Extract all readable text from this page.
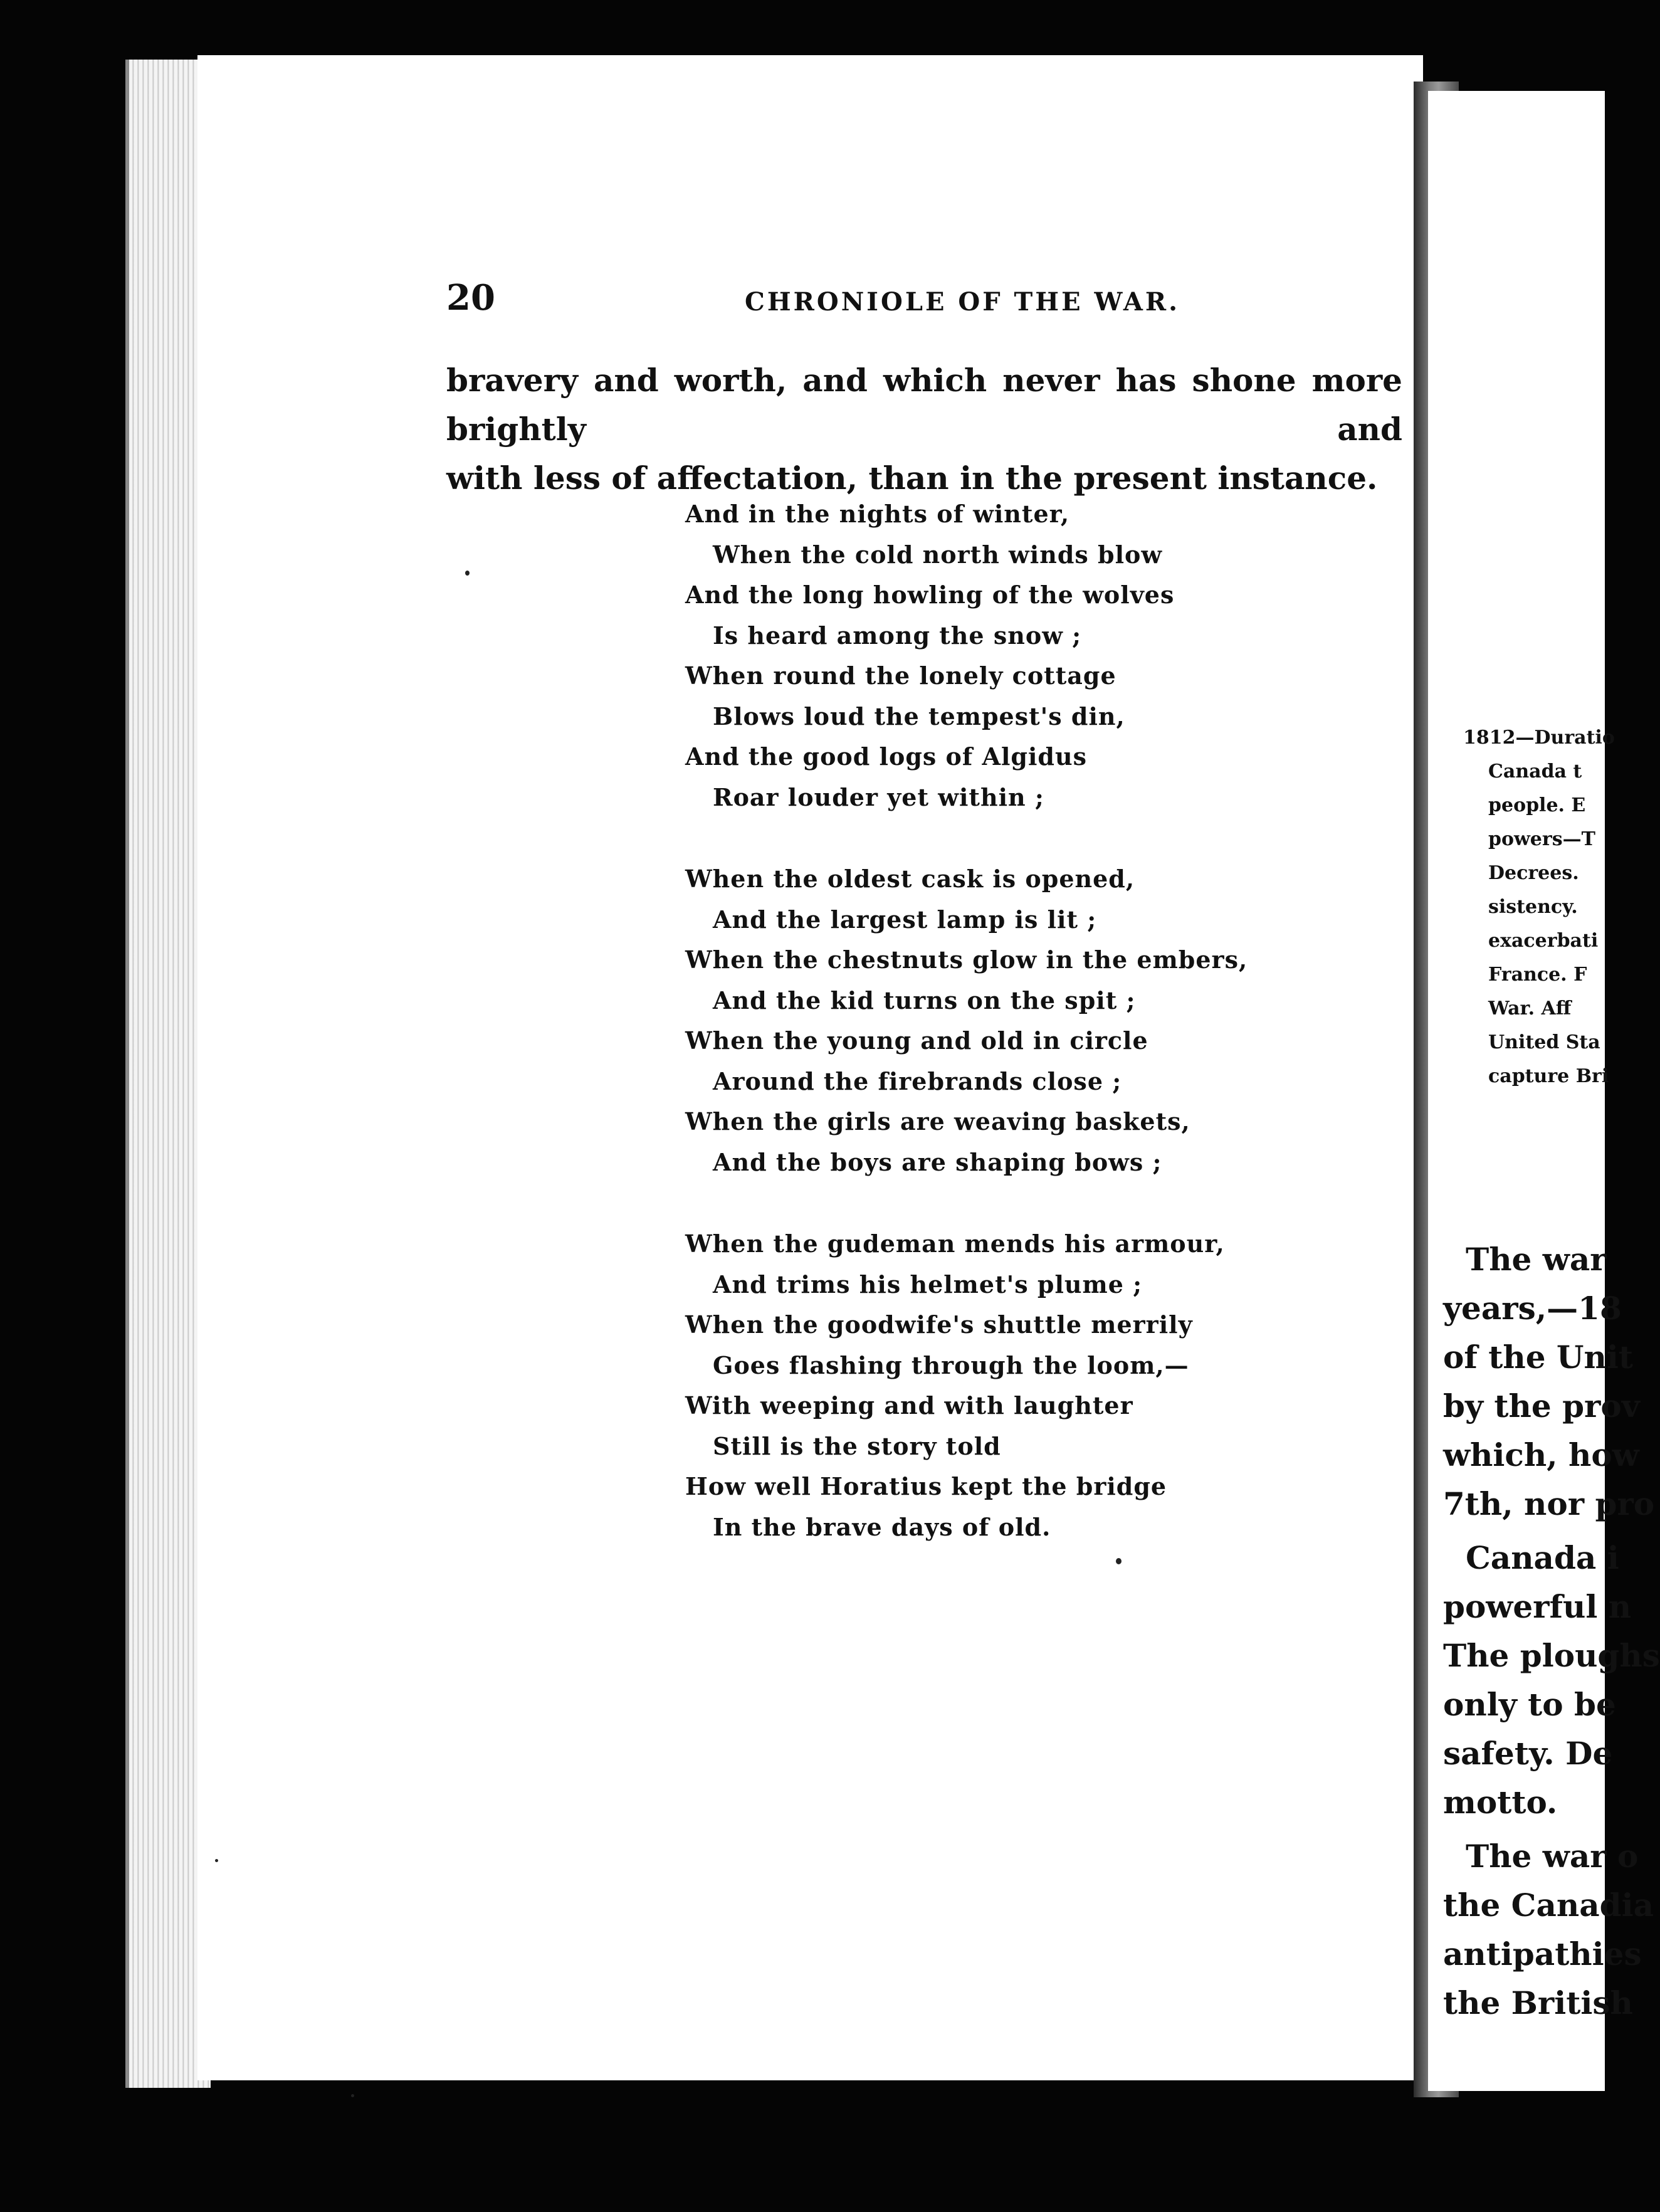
20	CHRONIOLE OF THE WAR.
bravery and worth, and which never has shone more brightly and
with less of affectation, than in the present instance.
And in the nights of winter,
When the cold north winds blow
And the long howling of the wolves
Is heard among the snow ;
When round the lonely cottage
Blows loud the tempest's din,
And the good logs of Algidus
Roar louder yet within ;
When the oldest cask is opened,
And the largest lamp is lit ;
When the chestnuts glow in the embers,
And the kid turns on the spit ;
When the young and old in circle
Around the firebrands close ;
When the girls are weaving baskets,
And the boys are shaping bows ;
When the gudeman mends his armour,
And trims his helmet's plume ;
When the goodwife's shuttle merrily
Goes flashing through the loom,—
With weeping and with laughter
Still is the story told
How well Horatius kept the bridge
In the brave days of old.
1812—Duratio
Canada t
people. E
powers—T
Decrees.
sistency.
exacerbati
France. F
War. Aff
United Sta
capture Bri
The war
years,—18
of the Unit
by the prov
which, how
7th, nor pro
Canada i
powerful n
The ploughs
only to be
safety. De
motto.
The war o
the Canadia
antipathies
the British
